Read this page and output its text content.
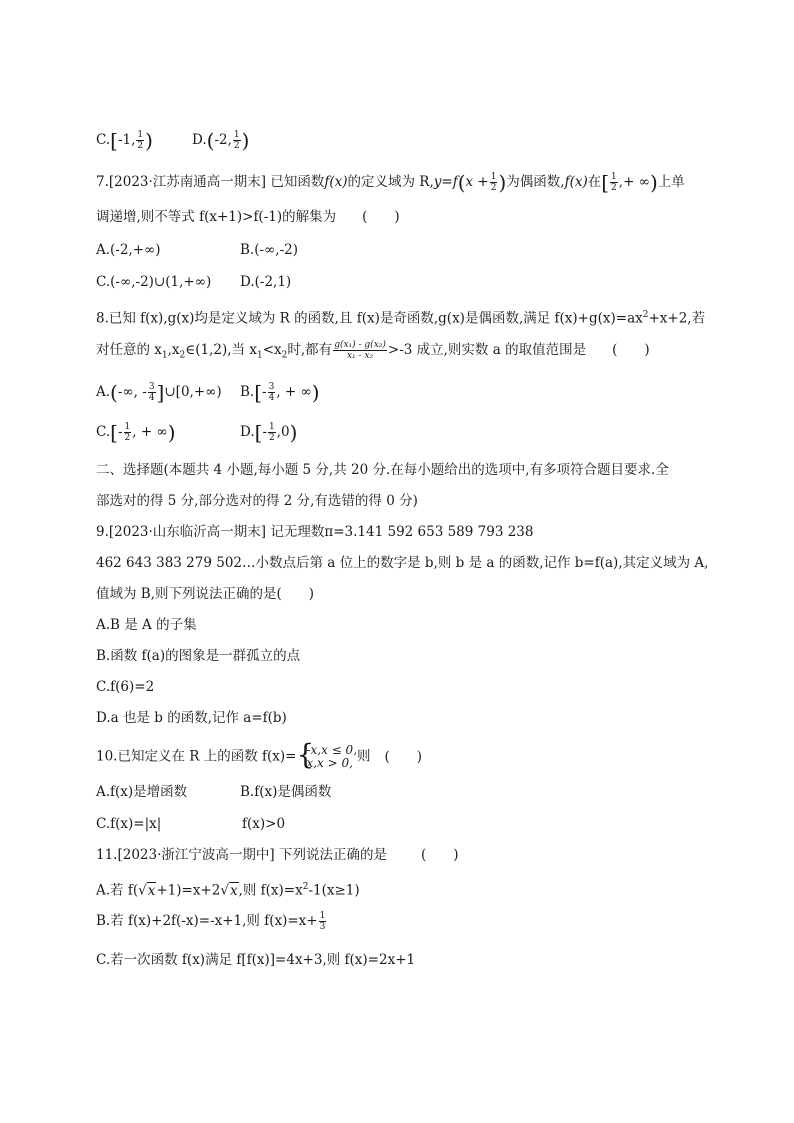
C.[-1, $\frac{1}{2}$ )	D.(-2, $\frac{1}{2}$ )
7.[2023·江苏南通高一期末] 已知函数f(x)的定义域为 $R,y=f(x + \frac{1}{2}$ )为偶函数,f(x)在[ $\frac{1}{2}$ ,+ ∞)上单
调递增,则不等式 f(x+1)>f(-1)的解集为 (　　)
A.(-2,+∞)	B.(-∞,-2)
C.(-∞,-2)∪(1,+∞) D.(-2,1)
8.已知 f(x),g(x)均是定义域为 R 的函数,且 f(x)是奇函数,g(x)是偶函数,满足 $f(x)+g(x)=ax^2+x+2$,若
对任意的 $x_1,x_2\in(1,2)$,当 $x_1<x_2$时,都有 $\frac{\text{g(x₁) - g(x₂)}}{\text{x₁ - x₂}} >-3$ 成立,则实数 a 的取值范围是 (　　)
A.(-∞, - $\frac{3}{4}$ ]∪[0,+∞) $B.[- \frac{3}{4}$ , + ∞)
$C.[- \frac{1}{2}$ , + ∞)	$D.[- \frac{1}{2} ,0)$
二、选择题(本题共 4 小题,每小题 5 分,共 20 分.在每小题给出的选项中,有多项符合题目要求.全
部选对的得 5 分,部分选对的得 2 分,有选错的得 0 分)
9.[2023·山东临沂高一期末] 记无理数π=3.141 592 653 589 793 238
462 643 383 279 502…小数点后第 a 位上的数字是 b,则 b 是 a 的函数,记作 b=f(a),其定义域为 A,
值域为 B,则下列说法正确的是(　　)
A.B 是 A 的子集
B.函数 f(a)的图象是一群孤立的点
C.f(6)=2
D.a 也是 b 的函数,记作 a=f(b)
10.已知定义在 R 上的函数 f(x)= {
-x,x ≤ 0,
x,x > 0, 则 (　　)
A.f(x)是增函数	B.f(x)是偶函数
C.f(x)=|x|	f(x)>0
11.[2023·浙江宁波高一期中] 下列说法正确的是	(　　)
A.若 f(√x+1)=x+2√x,则 $f(x)=x^2-1(x\ge 1)$
B.若 f(x)+2f(-x)=-x+1,则 $f(x)=x+ \frac{1}{3}$
C.若一次函数 f(x)满足 f[f(x)]=4x+3,则 f(x)=2x+1
